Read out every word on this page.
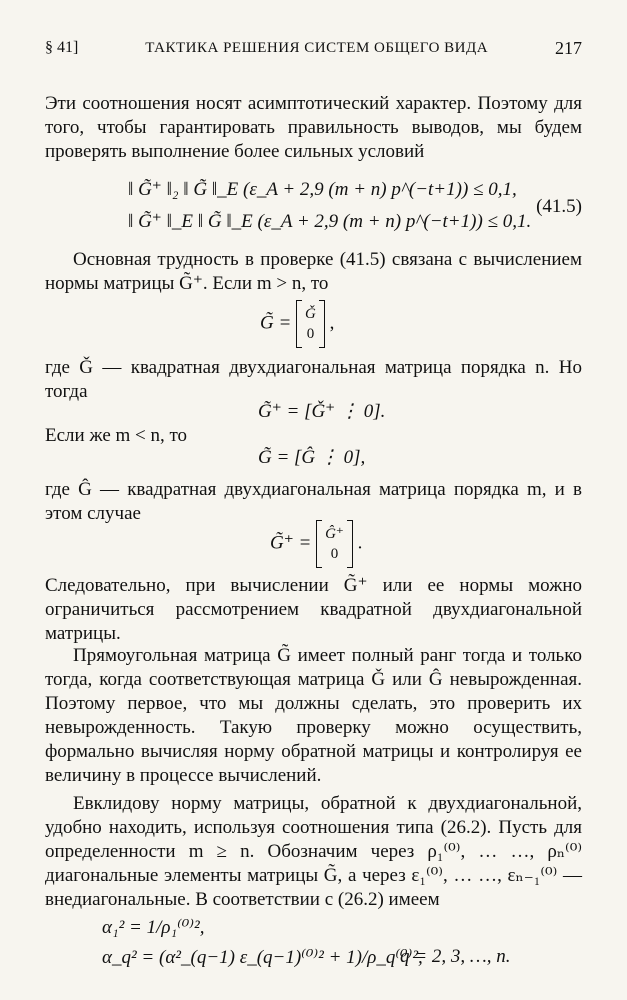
§ 41]	ТАКТИКА РЕШЕНИЯ СИСТЕМ ОБЩЕГО ВИДА	217
Эти соотношения носят асимптотический характер. Поэтому для того, чтобы гарантировать правильность выводов, мы будем проверять выполнение более сильных условий
‖ G̃⁺ ‖₂ ‖ G̃ ‖_E (ε_A + 2,9 (m + n) p^(−t+1)) ≤ 0,1,
‖ G̃⁺ ‖_E ‖ G̃ ‖_E (ε_A + 2,9 (m + n) p^(−t+1)) ≤ 0,1.
(41.5)
Основная трудность в проверке (41.5) связана с вычислением нормы матрицы G̃⁺. Если m > n, то
G̃ = Ǧ
0
,
где Ǧ — квадратная двухдиагональная матрица порядка n. Но тогда
G̃⁺ = [Ǧ⁺ ⋮ 0].
Если же m < n, то
G̃ = [Ĝ ⋮ 0],
где Ĝ — квадратная двухдиагональная матрица порядка m, и в этом случае
G̃⁺ = Ĝ⁺
0
.
Следовательно, при вычислении G̃⁺ или ее нормы можно ограничиться рассмотрением квадратной двухдиагональной матрицы.
Прямоугольная матрица G̃ имеет полный ранг тогда и только тогда, когда соответствующая матрица Ǧ или Ĝ невырожденная. Поэтому первое, что мы должны сделать, это проверить их невырожденность. Такую проверку можно осуществить, формально вычисляя норму обратной матрицы и контролируя ее величину в процессе вычислений.
Евклидову норму матрицы, обратной к двухдиагональной, удобно находить, используя соотношения типа (26.2). Пусть для определенности m ≥ n. Обозначим через ρ₁⁽⁰⁾, … …, ρₙ⁽⁰⁾ диагональные элементы матрицы G̃, а через ε₁⁽⁰⁾, … …, εₙ₋₁⁽⁰⁾ — внедиагональные. В соответствии с (26.2) имеем
α₁² = 1/ρ₁⁽⁰⁾²,
α_q² = (α²_(q−1) ε_(q−1)⁽⁰⁾² + 1)/ρ_q⁽⁰⁾²,
q = 2, 3, …, n.
